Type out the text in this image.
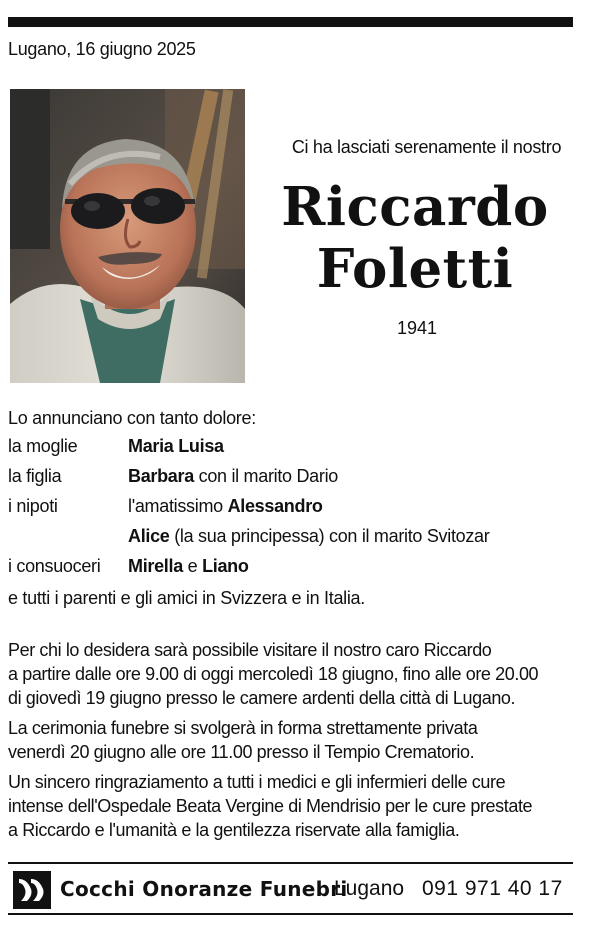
Lugano, 16 giugno 2025
Ci ha lasciati serenamente il nostro
Riccardo
Foletti
1941
Lo annunciano con tanto dolore:
la moglie	Maria Luisa
la figlia	Barbara con il marito Dario
i nipoti	l'amatissimo Alessandro
Alice (la sua principessa) con il marito Svitozar
i consuoceri Mirella e Liano
e tutti i parenti e gli amici in Svizzera e in Italia.
Per chi lo desidera sarà possibile visitare il nostro caro Riccardo
a partire dalle ore 9.00 di oggi mercoledì 18 giugno, fino alle ore 20.00
di giovedì 19 giugno presso le camere ardenti della città di Lugano.
La cerimonia funebre si svolgerà in forma strettamente privata
venerdì 20 giugno alle ore 11.00 presso il Tempio Crematorio.
Un sincero ringraziamento a tutti i medici e gli infermieri delle cure
intense dell'Ospedale Beata Vergine di Mendrisio per le cure prestate
a Riccardo e l'umanità e la gentilezza riservate alla famiglia.
Cocchi Onoranze Funebri
Lugano 091 971 40 17
